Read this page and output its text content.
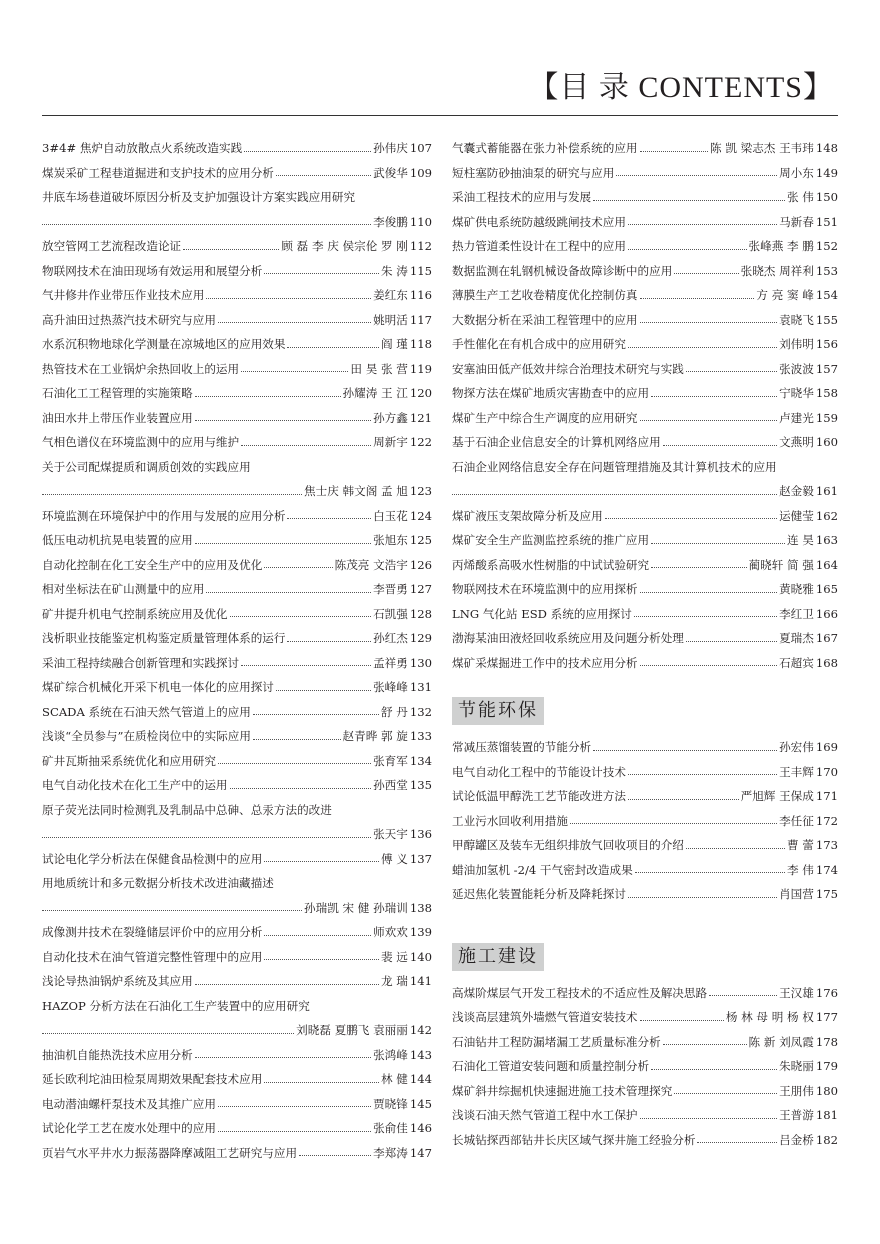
【目 录 CONTENTS】
3#4# 焦炉自动放散点火系统改造实践	孙伟庆 107
煤炭采矿工程巷道掘进和支护技术的应用分析	武俊华 109
井底车场巷道破坏原因分析及支护加强设计方案实践应用研究
李俊鹏 110
放空管网工艺流程改造论证	顾 磊 李 庆 侯宗伦 罗 刚 112
物联网技术在油田现场有效运用和展望分析	朱 涛 115
气井修井作业带压作业技术应用	姜红东 116
高升油田过热蒸汽技术研究与应用	姚明活 117
水系沉积物地球化学测量在凉城地区的应用效果	阎 瑾 118
热管技术在工业锅炉余热回收上的运用	田 昊 张 营 119
石油化工工程管理的实施策略	孙耀涛 王 江 120
油田水井上带压作业装置应用	孙方鑫 121
气相色谱仪在环境监测中的应用与维护	周新宇 122
关于公司配煤提质和调质创效的实践应用
焦士庆 韩文阁 孟 旭 123
环境监测在环境保护中的作用与发展的应用分析	白玉花 124
低压电动机抗晃电装置的应用	张旭东 125
自动化控制在化工安全生产中的应用及优化	陈茂亮 文浩宇 126
相对坐标法在矿山测量中的应用	李晋勇 127
矿井提升机电气控制系统应用及优化	石凯强 128
浅析职业技能鉴定机构鉴定质量管理体系的运行	孙红杰 129
采油工程持续融合创新管理和实践探讨	孟祥勇 130
煤矿综合机械化开采下机电一体化的应用探讨	张峰峰 131
SCADA 系统在石油天然气管道上的应用	舒 丹 132
浅谈“全员参与”在质检岗位中的实际应用	赵青晔 郭 旋 133
矿井瓦斯抽采系统优化和应用研究	张育军 134
电气自动化技术在化工生产中的运用	孙西堂 135
原子荧光法同时检测乳及乳制品中总砷、总汞方法的改进
张天宇 136
试论电化学分析法在保健食品检测中的应用	傅 义 137
用地质统计和多元数据分析技术改进油藏描述
孙瑞凯 宋 健 孙瑞训 138
成像测井技术在裂缝储层评价中的应用分析	师欢欢 139
自动化技术在油气管道完整性管理中的应用	裴 远 140
浅论导热油锅炉系统及其应用	龙 瑞 141
HAZOP 分析方法在石油化工生产装置中的应用研究
刘晓磊 夏鹏飞 袁丽丽 142
抽油机自能热洗技术应用分析	张鸿峰 143
延长欧利坨油田检泵周期效果配套技术应用	林 健 144
电动潜油螺杆泵技术及其推广应用	贾晓锋 145
试论化学工艺在废水处理中的应用	张俞佳 146
页岩气水平井水力振荡器降摩减阻工艺研究与应用	李郑涛 147
气囊式蓄能器在张力补偿系统的应用	陈 凯 梁志杰 王韦玮 148
短柱塞防砂抽油泵的研究与应用	周小东 149
采油工程技术的应用与发展	张 伟 150
煤矿供电系统防越级跳闸技术应用	马新春 151
热力管道柔性设计在工程中的应用	张峰燕 李 鹏 152
数据监测在轧钢机械设备故障诊断中的应用	张晓杰 周祥利 153
薄膜生产工艺收卷精度优化控制仿真	方 亮 窦 峰 154
大数据分析在采油工程管理中的应用	袁晓飞 155
手性催化在有机合成中的应用研究	刘伟明 156
安塞油田低产低效井综合治理技术研究与实践	张波波 157
物探方法在煤矿地质灾害勘查中的应用	宁晓华 158
煤矿生产中综合生产调度的应用研究	卢建光 159
基于石油企业信息安全的计算机网络应用	文燕明 160
石油企业网络信息安全存在问题管理措施及其计算机技术的应用
赵金毅 161
煤矿液压支架故障分析及应用	运健莹 162
煤矿安全生产监测监控系统的推广应用	连 昊 163
丙烯酸系高吸水性树脂的中试试验研究	蔺晓轩 简 强 164
物联网技术在环境监测中的应用探析	黄晓雅 165
LNG 气化站 ESD 系统的应用探讨	李红卫 166
渤海某油田液烃回收系统应用及问题分析处理	夏瑞杰 167
煤矿采煤掘进工作中的技术应用分析	石超宾 168
节能环保
常减压蒸馏装置的节能分析	孙宏伟 169
电气自动化工程中的节能设计技术	王丰辉 170
试论低温甲醇洗工艺节能改进方法	严旭辉 王保成 171
工业污水回收利用措施	李任征 172
甲醇罐区及装车无组织排放气回收项目的介绍	曹 蕾 173
蜡油加氢机 -2/4 干气密封改造成果	李 伟 174
延迟焦化装置能耗分析及降耗探讨	肖国营 175
施工建设
高煤阶煤层气开发工程技术的不适应性及解决思路	王汉雄 176
浅谈高层建筑外墙燃气管道安装技术	杨 林 母 明 杨 权 177
石油钻井工程防漏堵漏工艺质量标准分析	陈 新 刘凤霞 178
石油化工管道安装问题和质量控制分析	朱晓丽 179
煤矿斜井综掘机快速掘进施工技术管理探究	王朋伟 180
浅谈石油天然气管道工程中水工保护	王普游 181
长城钻探西部钻井长庆区域气探井施工经验分析	吕金桥 182
